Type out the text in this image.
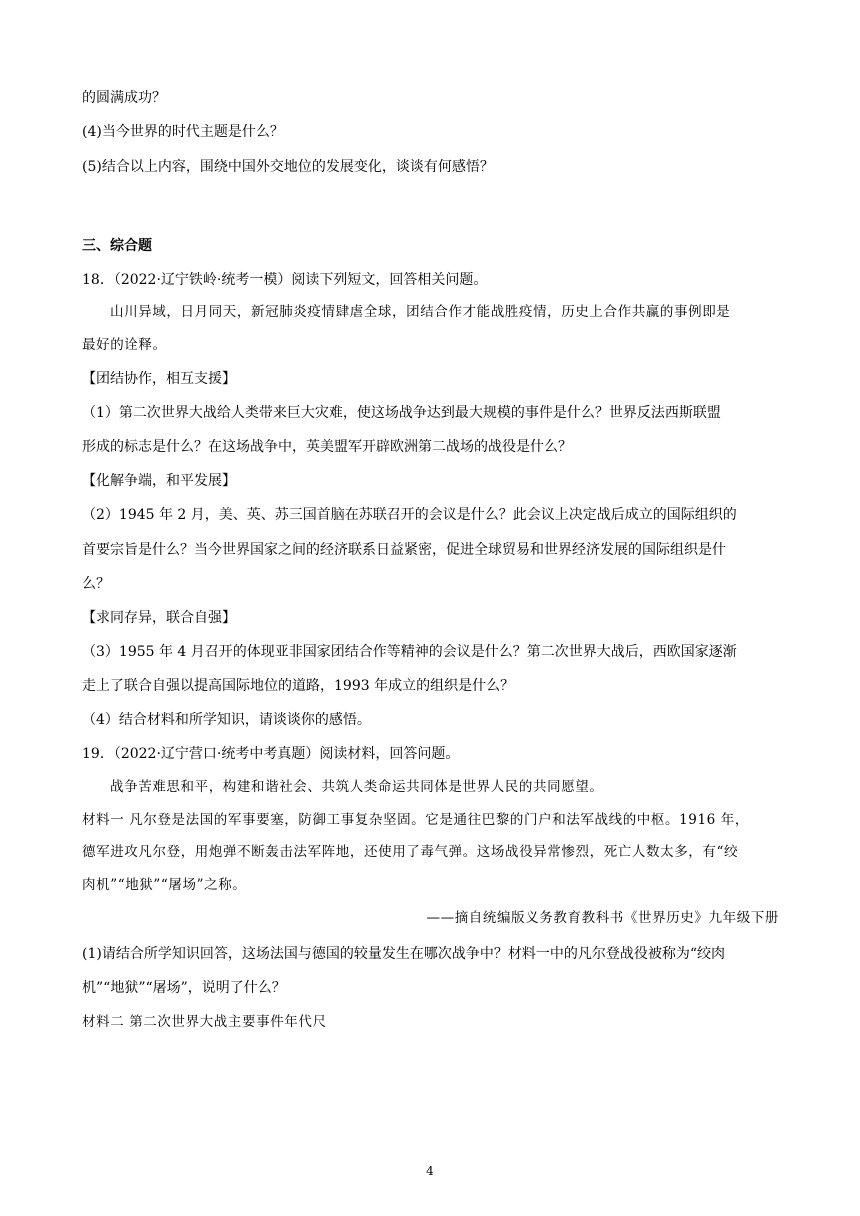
的圆满成功？

(4)当今世界的时代主题是什么？

(5)结合以上内容，围绕中国外交地位的发展变化，谈谈有何感悟？

三、综合题

18．（2022·辽宁铁岭·统考一模）阅读下列短文，回答相关问题。

山川异域，日月同天，新冠肺炎疫情肆虐全球，团结合作才能战胜疫情，历史上合作共赢的事例即是

最好的诠释。

【团结协作，相互支援】

（1）第二次世界大战给人类带来巨大灾难，使这场战争达到最大规模的事件是什么？世界反法西斯联盟

形成的标志是什么？在这场战争中，英美盟军开辟欧洲第二战场的战役是什么？

【化解争端，和平发展】

（2）1945 年 2 月，美、英、苏三国首脑在苏联召开的会议是什么？此会议上决定战后成立的国际组织的

首要宗旨是什么？当今世界国家之间的经济联系日益紧密，促进全球贸易和世界经济发展的国际组织是什

么？

【求同存异，联合自强】

（3）1955 年 4 月召开的体现亚非国家团结合作等精神的会议是什么？第二次世界大战后，西欧国家逐渐

走上了联合自强以提高国际地位的道路，1993 年成立的组织是什么？

（4）结合材料和所学知识，请谈谈你的感悟。

19．（2022·辽宁营口·统考中考真题）阅读材料，回答问题。

战争苦难思和平，构建和谐社会、共筑人类命运共同体是世界人民的共同愿望。

材料一 凡尔登是法国的军事要塞，防御工事复杂坚固。它是通往巴黎的门户和法军战线的中枢。1916 年，

德军进攻凡尔登，用炮弹不断轰击法军阵地，还使用了毒气弹。这场战役异常惨烈，死亡人数太多，有“绞

肉机”“地狱”“屠场”之称。

——摘自统编版义务教育教科书《世界历史》九年级下册

(1)请结合所学知识回答，这场法国与德国的较量发生在哪次战争中？材料一中的凡尔登战役被称为“绞肉

机”“地狱”“屠场”，说明了什么？

材料二 第二次世界大战主要事件年代尺

4
